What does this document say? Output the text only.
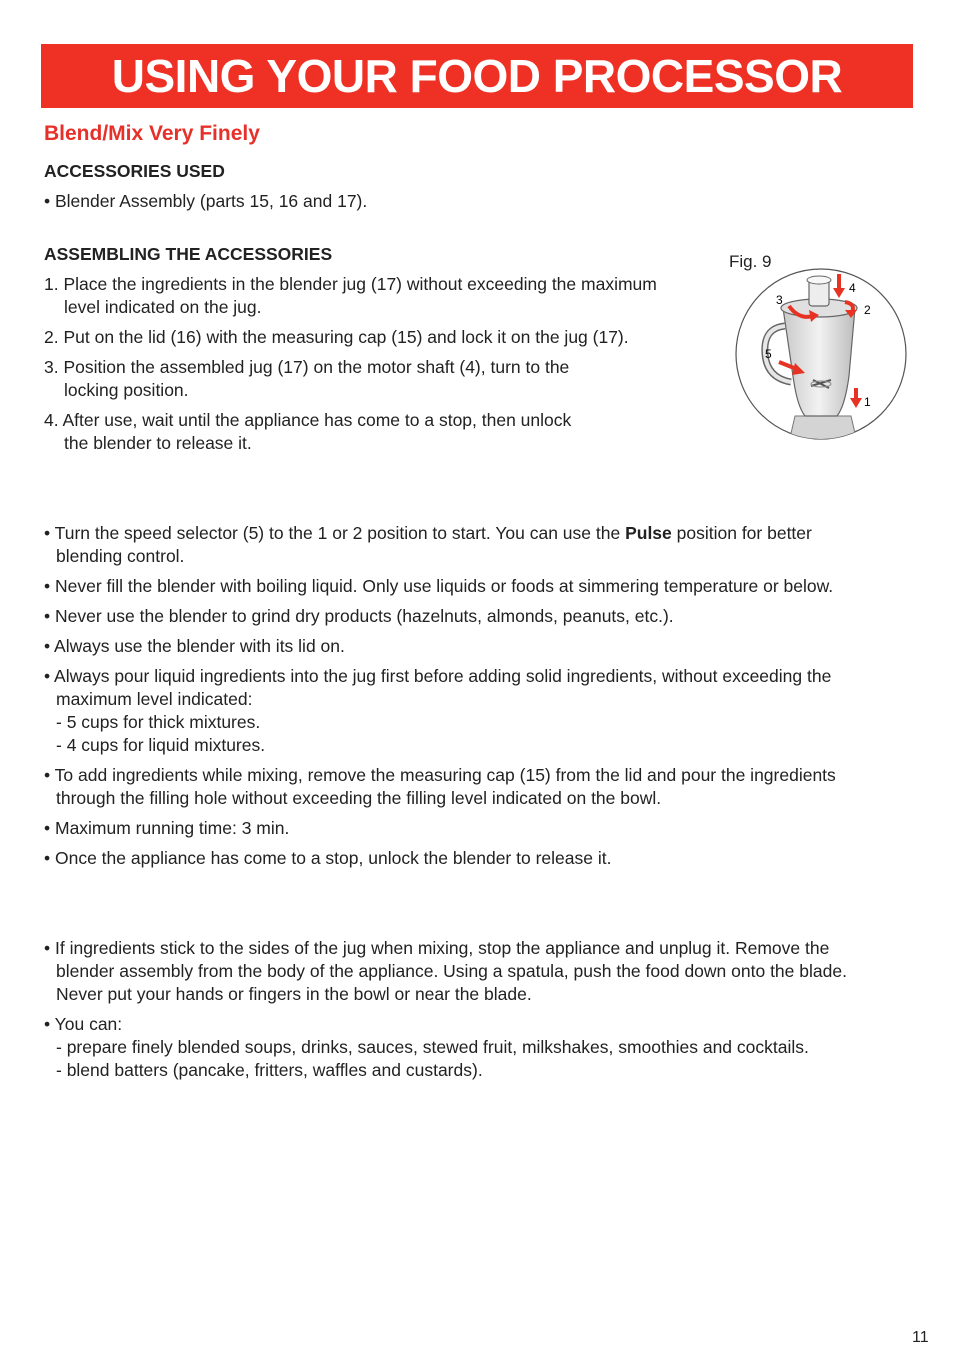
USING YOUR FOOD PROCESSOR
Blend/Mix Very Finely
ACCESSORIES USED

• Blender Assembly (parts 15, 16 and 17).

ASSEMBLING THE ACCESSORIES

1. Place the ingredients in the blender jug (17) without exceeding the maximum

level indicated on the jug.

2. Put on the lid (16) with the measuring cap (15) and lock it on the jug (17).

3. Position the assembled jug (17) on the motor shaft (4), turn to the

locking position.

4. After use, wait until the appliance has come to a stop, then unlock

the blender to release it.

Fig. 9
1
2
3
4
5

• Turn the speed selector (5) to the 1 or 2 position to start. You can use the Pulse position for better

blending control.

• Never fill the blender with boiling liquid. Only use liquids or foods at simmering temperature or below.

• Never use the blender to grind dry products (hazelnuts, almonds, peanuts, etc.).

• Always use the blender with its lid on.

• Always pour liquid ingredients into the jug first before adding solid ingredients, without exceeding the

maximum level indicated:

- 5 cups for thick mixtures.

- 4 cups for liquid mixtures.

• To add ingredients while mixing, remove the measuring cap (15) from the lid and pour the ingredients

through the filling hole without exceeding the filling level indicated on the bowl.

• Maximum running time: 3 min.

• Once the appliance has come to a stop, unlock the blender to release it.

• If ingredients stick to the sides of the jug when mixing, stop the appliance and unplug it. Remove the

blender assembly from the body of the appliance. Using a spatula, push the food down onto the blade.

Never put your hands or fingers in the bowl or near the blade.

• You can:

- prepare finely blended soups, drinks, sauces, stewed fruit, milkshakes, smoothies and cocktails.

- blend batters (pancake, fritters, waffles and custards).

11
